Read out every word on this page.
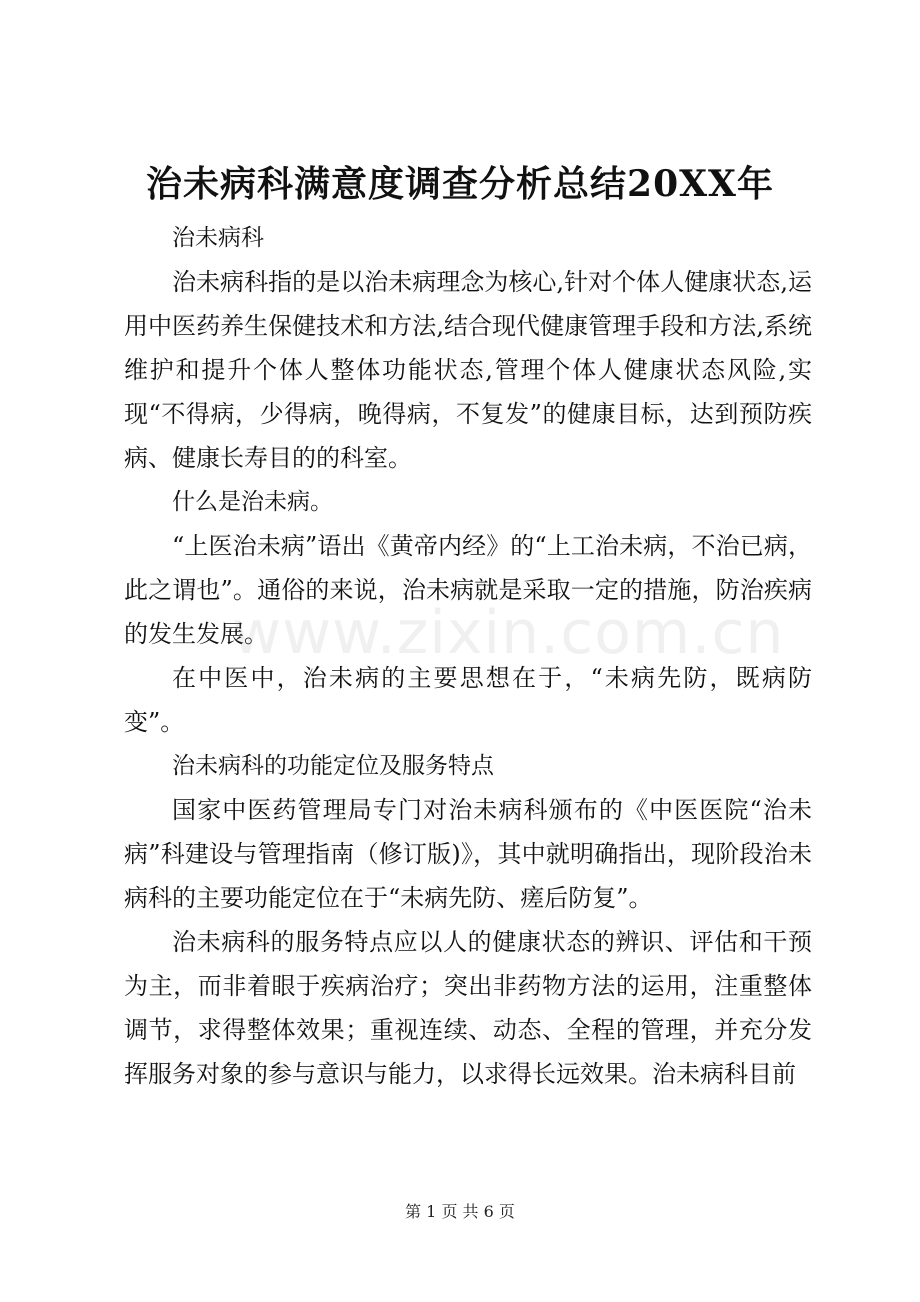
治未病科满意度调查分析总结20XX年

治未病科

治未病科指的是以治未病理念为核心,针对个体人健康状态,运用中医药养生保健技术和方法,结合现代健康管理手段和方法,系统维护和提升个体人整体功能状态,管理个体人健康状态风险,实现“不得病，少得病，晚得病，不复发”的健康目标，达到预防疾病、健康长寿目的的科室。

什么是治未病。

“上医治未病”语出《黄帝内经》的“上工治未病，不治已病，此之谓也”。通俗的来说，治未病就是采取一定的措施，防治疾病的发生发展。

在中医中，治未病的主要思想在于，“未病先防，既病防变”。

治未病科的功能定位及服务特点

国家中医药管理局专门对治未病科颁布的《中医医院“治未病”科建设与管理指南（修订版)》，其中就明确指出，现阶段治未病科的主要功能定位在于“未病先防、瘥后防复”。

治未病科的服务特点应以人的健康状态的辨识、评估和干预为主，而非着眼于疾病治疗；突出非药物方法的运用，注重整体调节，求得整体效果；重视连续、动态、全程的管理，并充分发挥服务对象的参与意识与能力，以求得长远效果。治未病科目前

www.zixin.com.cn
第 1 页 共 6 页
